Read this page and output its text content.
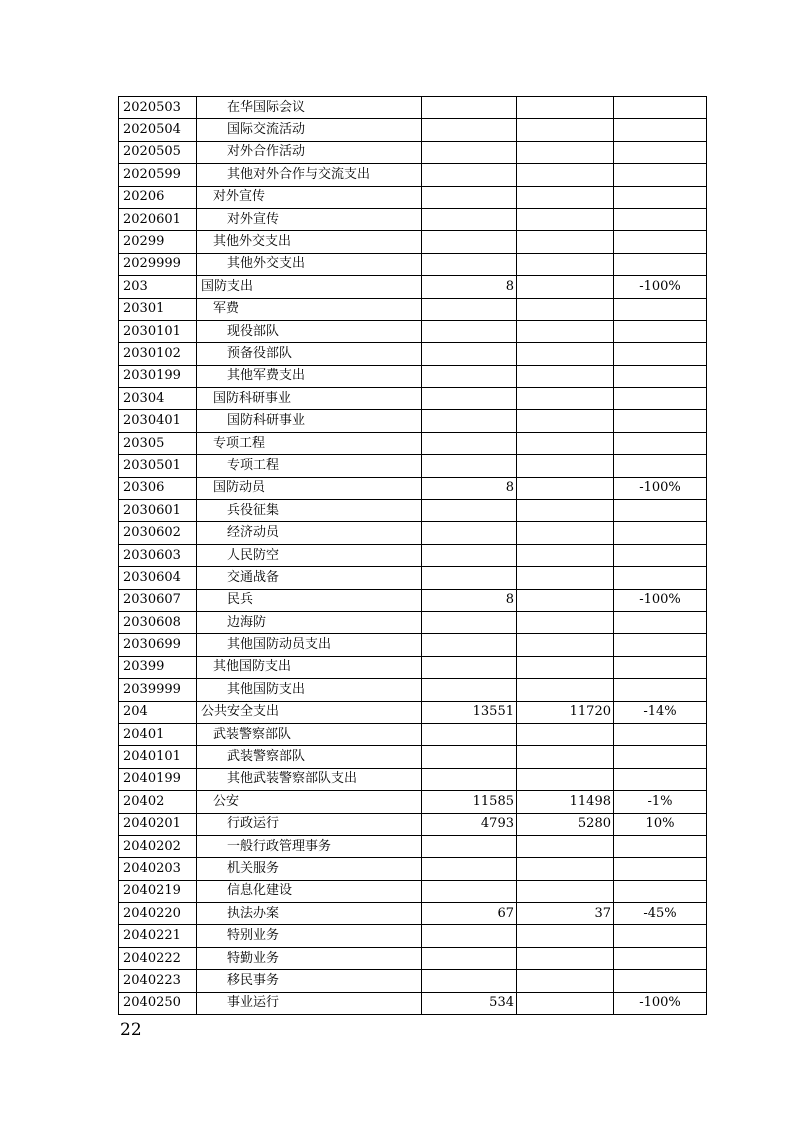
2020503	在华国际会议			
2020504	国际交流活动			
2020505	对外合作活动			
2020599	其他对外合作与交流支出			
20206	对外宣传			
2020601	对外宣传			
20299	其他外交支出			
2029999	其他外交支出			
203	国防支出	8		-100%
20301	军费			
2030101	现役部队			
2030102	预备役部队			
2030199	其他军费支出			
20304	国防科研事业			
2030401	国防科研事业			
20305	专项工程			
2030501	专项工程			
20306	国防动员	8		-100%
2030601	兵役征集			
2030602	经济动员			
2030603	人民防空			
2030604	交通战备			
2030607	民兵	8		-100%
2030608	边海防			
2030699	其他国防动员支出			
20399	其他国防支出			
2039999	其他国防支出			
204	公共安全支出	13551	11720	-14%
20401	武装警察部队			
2040101	武装警察部队			
2040199	其他武装警察部队支出			
20402	公安	11585	11498	-1%
2040201	行政运行	4793	5280	10%
2040202	一般行政管理事务			
2040203	机关服务			
2040219	信息化建设			
2040220	执法办案	67	37	-45%
2040221	特别业务			
2040222	特勤业务			
2040223	移民事务			
2040250	事业运行	534		-100%
22
